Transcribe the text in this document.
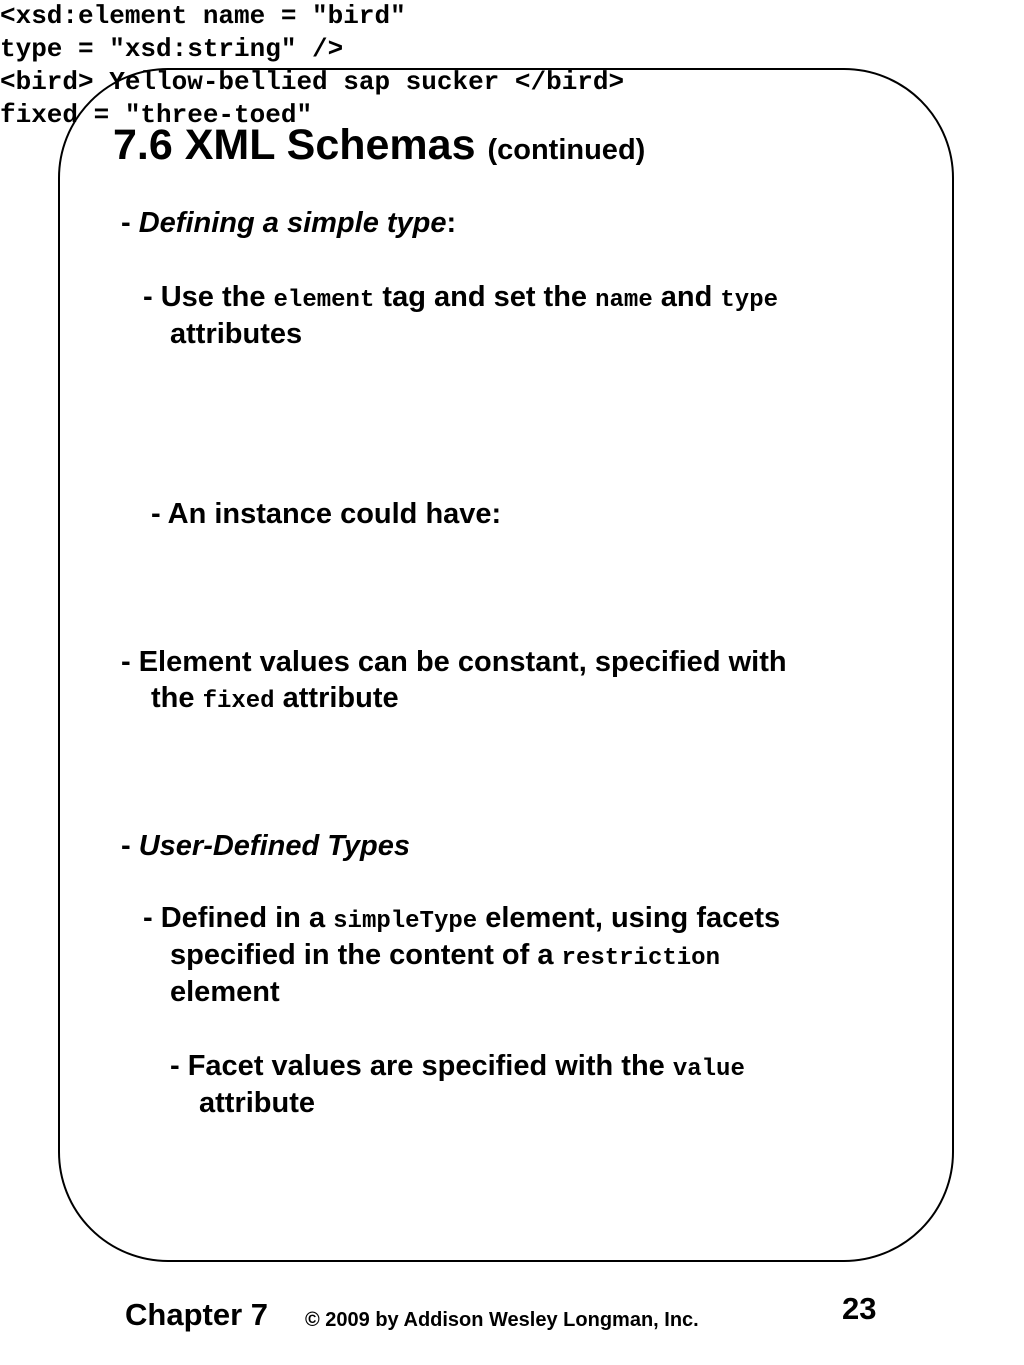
7.6 XML Schemas (continued)
- Defining a simple type:
- Use the element tag and set the name and type
attributes
<xsd:element name = "bird"
type = "xsd:string" />
- An instance could have:
<bird> Yellow-bellied sap sucker </bird>
- Element values can be constant, specified with
the fixed attribute
fixed = "three-toed"
- User-Defined Types
- Defined in a simpleType element, using facets
specified in the content of a restriction
element
- Facet values are specified with the value
attribute
Chapter 7 © 2009 by Addison Wesley Longman, Inc.	23
